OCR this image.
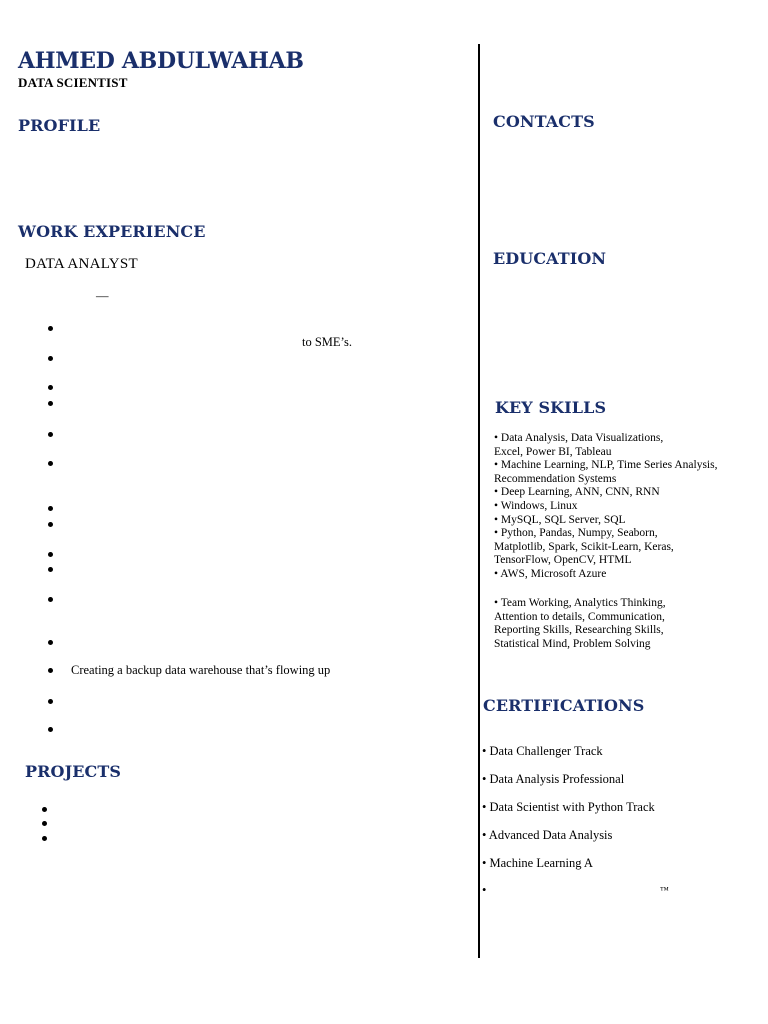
AHMED ABDULWAHAB
DATA SCIENTIST
PROFILE
WORK EXPERIENCE
DATA ANALYST
—
to SME’s.
Creating a backup data warehouse that’s flowing up
PROJECTS
CONTACTS
EDUCATION
KEY SKILLS
• Data Analysis, Data Visualizations,
Excel, Power BI, Tableau
• Machine Learning, NLP, Time Series Analysis,
Recommendation Systems
• Deep Learning, ANN, CNN, RNN
• Windows, Linux
• MySQL, SQL Server, SQL
• Python, Pandas, Numpy, Seaborn,
Matplotlib, Spark, Scikit-Learn, Keras,
TensorFlow, OpenCV, HTML
• AWS, Microsoft Azure
• Team Working, Analytics Thinking,
Attention to details, Communication,
Reporting Skills, Researching Skills,
Statistical Mind, Problem Solving
CERTIFICATIONS
• Data Challenger Track
• Data Analysis Professional
• Data Scientist with Python Track
• Advanced Data Analysis
• Machine Learning A
•	™
